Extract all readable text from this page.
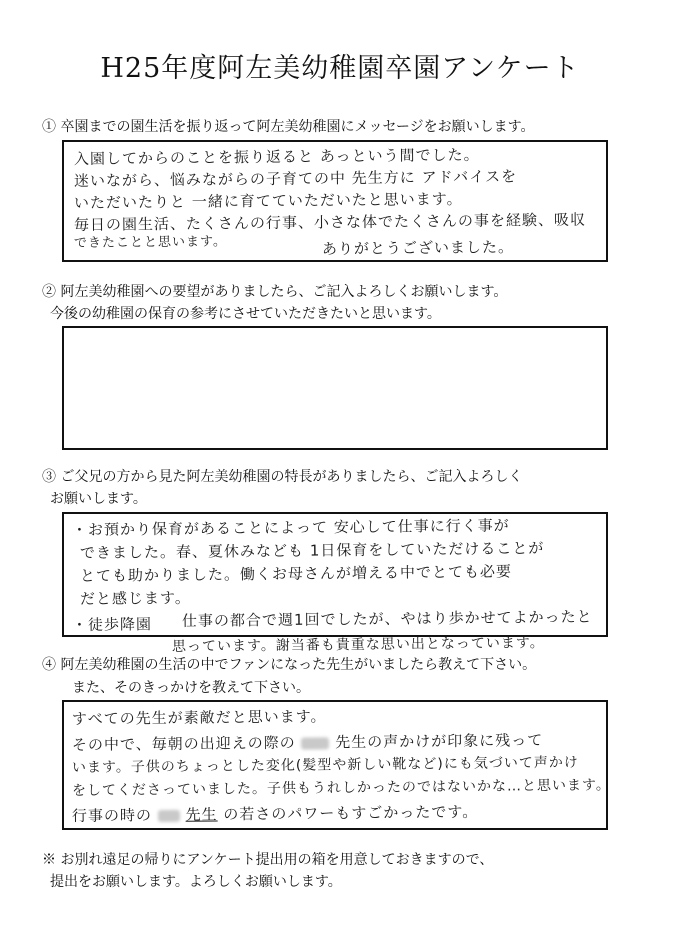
H25年度阿左美幼稚園卒園アンケート
① 卒園までの園生活を振り返って阿左美幼稚園にメッセージをお願いします。
入園してからのことを振り返ると あっという間でした。
迷いながら、悩みながらの子育ての中 先生方に アドバイスを
いただいたりと 一緒に育てていただいたと思います。
毎日の園生活、たくさんの行事、小さな体でたくさんの事を経験、吸収
できたことと思います。	ありがとうございました。
② 阿左美幼稚園への要望がありましたら、ご記入よろしくお願いします。
今後の幼稚園の保育の参考にさせていただきたいと思います。
③ ご父兄の方から見た阿左美幼稚園の特長がありましたら、ご記入よろしく
お願いします。
・お預かり保育があることによって 安心して仕事に行く事が
できました。春、夏休みなども 1日保育をしていただけることが
とても助かりました。働くお母さんが増える中でとても必要
だと感じます。
・徒歩降園 仕事の都合で週1回でしたが、やはり歩かせてよかったと
思っています。謝当番も貴重な思い出となっています。
④ 阿左美幼稚園の生活の中でファンになった先生がいましたら教えて下さい。
また、そのきっかけを教えて下さい。
すべての先生が素敵だと思います。
その中で、毎朝の出迎えの際の	先生の声かけが印象に残って
います。子供のちょっとした変化(髪型や新しい靴など)にも気づいて声かけ
をしてくださっていました。子供もうれしかったのではないかな…と思います。
行事の時の 先生 の若さのパワーもすごかったです。
※ お別れ遠足の帰りにアンケート提出用の箱を用意しておきますので、
提出をお願いします。よろしくお願いします。
